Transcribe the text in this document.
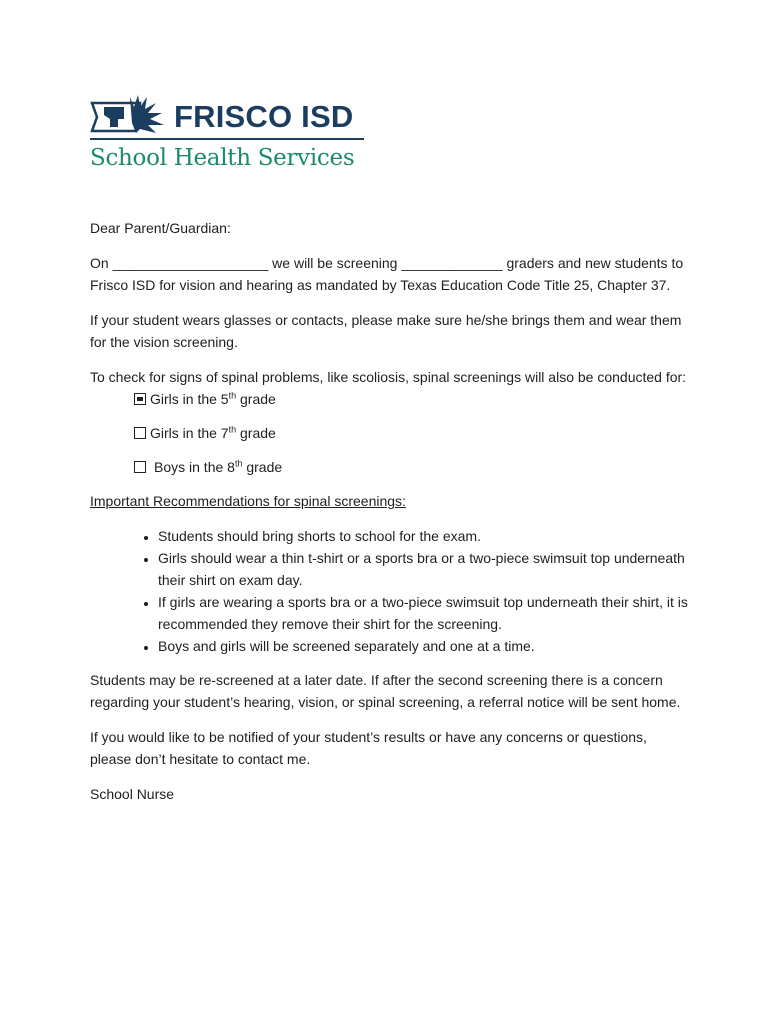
FRISCO ISD
School Health Services

Dear Parent/Guardian:

On ____________________ we will be screening _____________ graders and new students to Frisco ISD for vision and hearing as mandated by Texas Education Code Title 25, Chapter 37.

If your student wears glasses or contacts, please make sure he/she brings them and wear them for the vision screening.

To check for signs of spinal problems, like scoliosis, spinal screenings will also be conducted for:

Girls in the 5th grade
Girls in the 7th grade
Boys in the 8th grade

Important Recommendations for spinal screenings:

• Students should bring shorts to school for the exam.
• Girls should wear a thin t-shirt or a sports bra or a two-piece swimsuit top underneath their shirt on exam day.
• If girls are wearing a sports bra or a two-piece swimsuit top underneath their shirt, it is recommended they remove their shirt for the screening.
• Boys and girls will be screened separately and one at a time.

Students may be re-screened at a later date. If after the second screening there is a concern regarding your student’s hearing, vision, or spinal screening, a referral notice will be sent home.

If you would like to be notified of your student’s results or have any concerns or questions, please don’t hesitate to contact me.

School Nurse
